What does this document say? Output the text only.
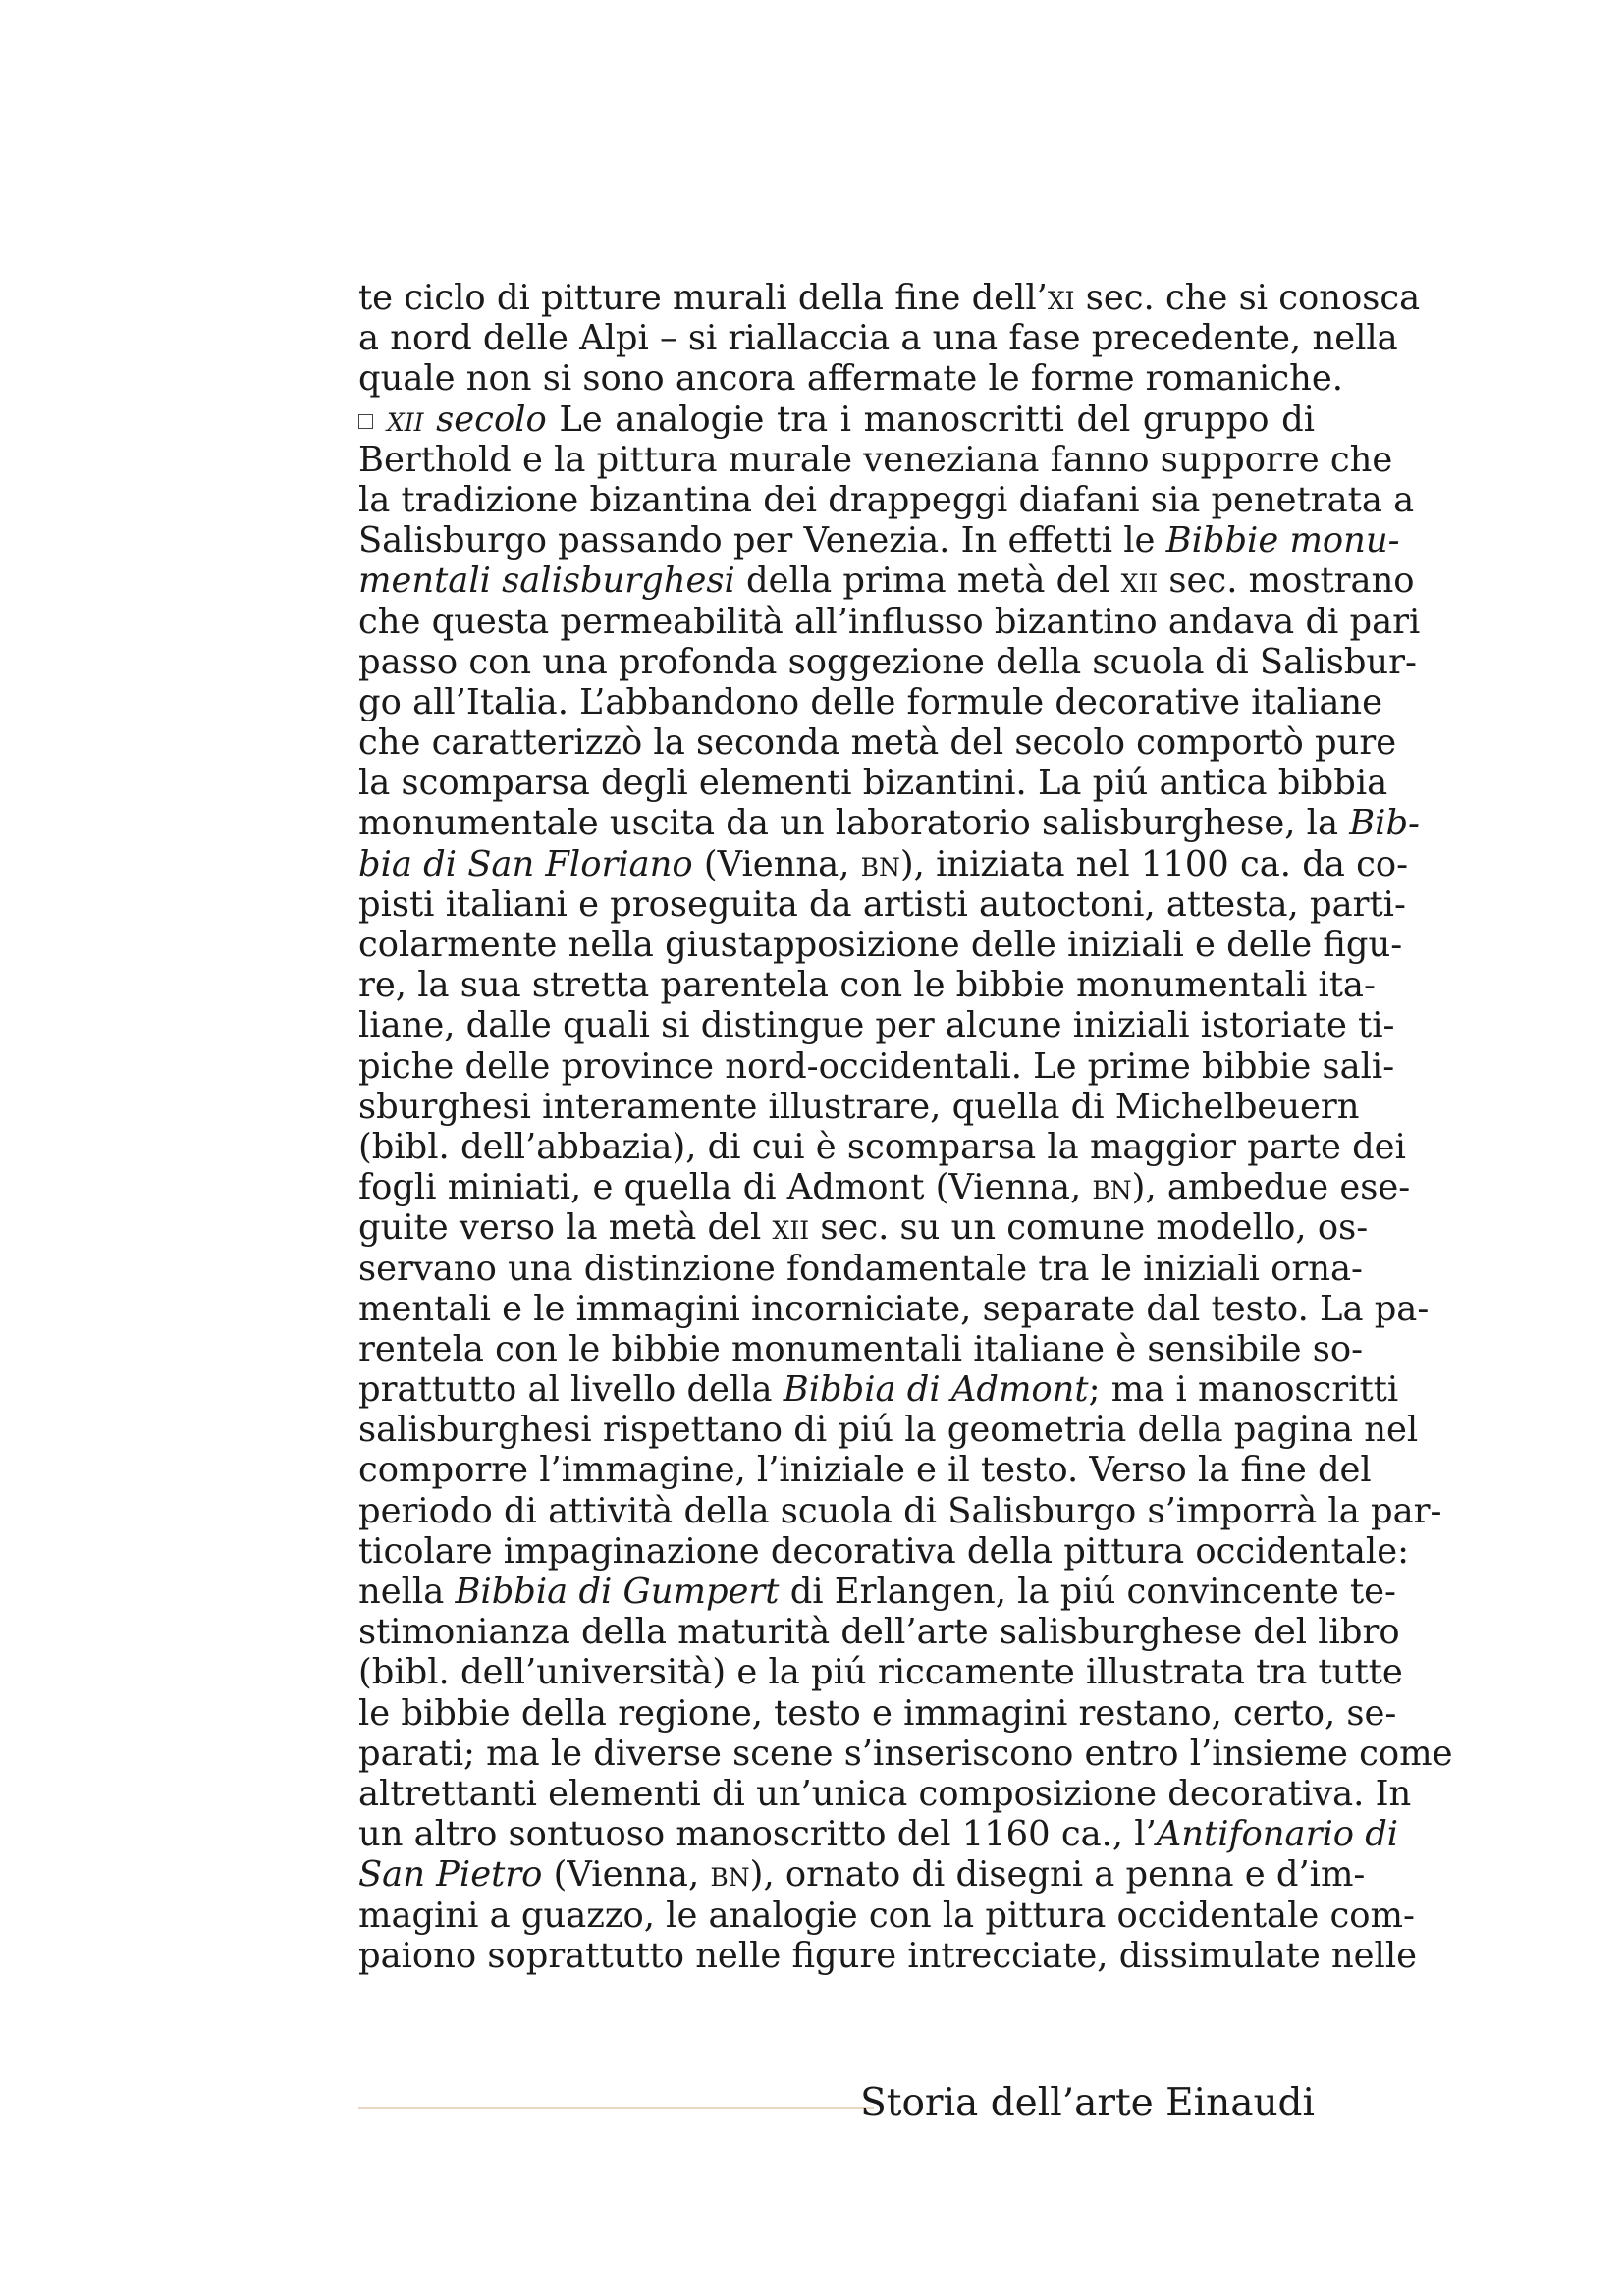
te ciclo di pitture murali della fine dell’xi sec. che si conosca
a nord delle Alpi – si riallaccia a una fase precedente, nella
quale non si sono ancora affermate le forme romaniche.
xii secolo Le analogie tra i manoscritti del gruppo di
Berthold e la pittura murale veneziana fanno supporre che
la tradizione bizantina dei drappeggi diafani sia penetrata a
Salisburgo passando per Venezia. In effetti le Bibbie monu-
mentali salisburghesi della prima metà del xii sec. mostrano
che questa permeabilità all’influsso bizantino andava di pari
passo con una profonda soggezione della scuola di Salisbur-
go all’Italia. L’abbandono delle formule decorative italiane
che caratterizzò la seconda metà del secolo comportò pure
la scomparsa degli elementi bizantini. La piú antica bibbia
monumentale uscita da un laboratorio salisburghese, la Bib-
bia di San Floriano (Vienna, bn), iniziata nel 1100 ca. da co-
pisti italiani e proseguita da artisti autoctoni, attesta, parti-
colarmente nella giustapposizione delle iniziali e delle figu-
re, la sua stretta parentela con le bibbie monumentali ita-
liane, dalle quali si distingue per alcune iniziali istoriate ti-
piche delle province nord-occidentali. Le prime bibbie sali-
sburghesi interamente illustrare, quella di Michelbeuern
(bibl. dell’abbazia), di cui è scomparsa la maggior parte dei
fogli miniati, e quella di Admont (Vienna, bn), ambedue ese-
guite verso la metà del xii sec. su un comune modello, os-
servano una distinzione fondamentale tra le iniziali orna-
mentali e le immagini incorniciate, separate dal testo. La pa-
rentela con le bibbie monumentali italiane è sensibile so-
prattutto al livello della Bibbia di Admont; ma i manoscritti
salisburghesi rispettano di piú la geometria della pagina nel
comporre l’immagine, l’iniziale e il testo. Verso la fine del
periodo di attività della scuola di Salisburgo s’imporrà la par-
ticolare impaginazione decorativa della pittura occidentale:
nella Bibbia di Gumpert di Erlangen, la piú convincente te-
stimonianza della maturità dell’arte salisburghese del libro
(bibl. dell’università) e la piú riccamente illustrata tra tutte
le bibbie della regione, testo e immagini restano, certo, se-
parati; ma le diverse scene s’inseriscono entro l’insieme come
altrettanti elementi di un’unica composizione decorativa. In
un altro sontuoso manoscritto del 1160 ca., l’Antifonario di
San Pietro (Vienna, bn), ornato di disegni a penna e d’im-
magini a guazzo, le analogie con la pittura occidentale com-
paiono soprattutto nelle figure intrecciate, dissimulate nelle
Storia dell’arte Einaudi
